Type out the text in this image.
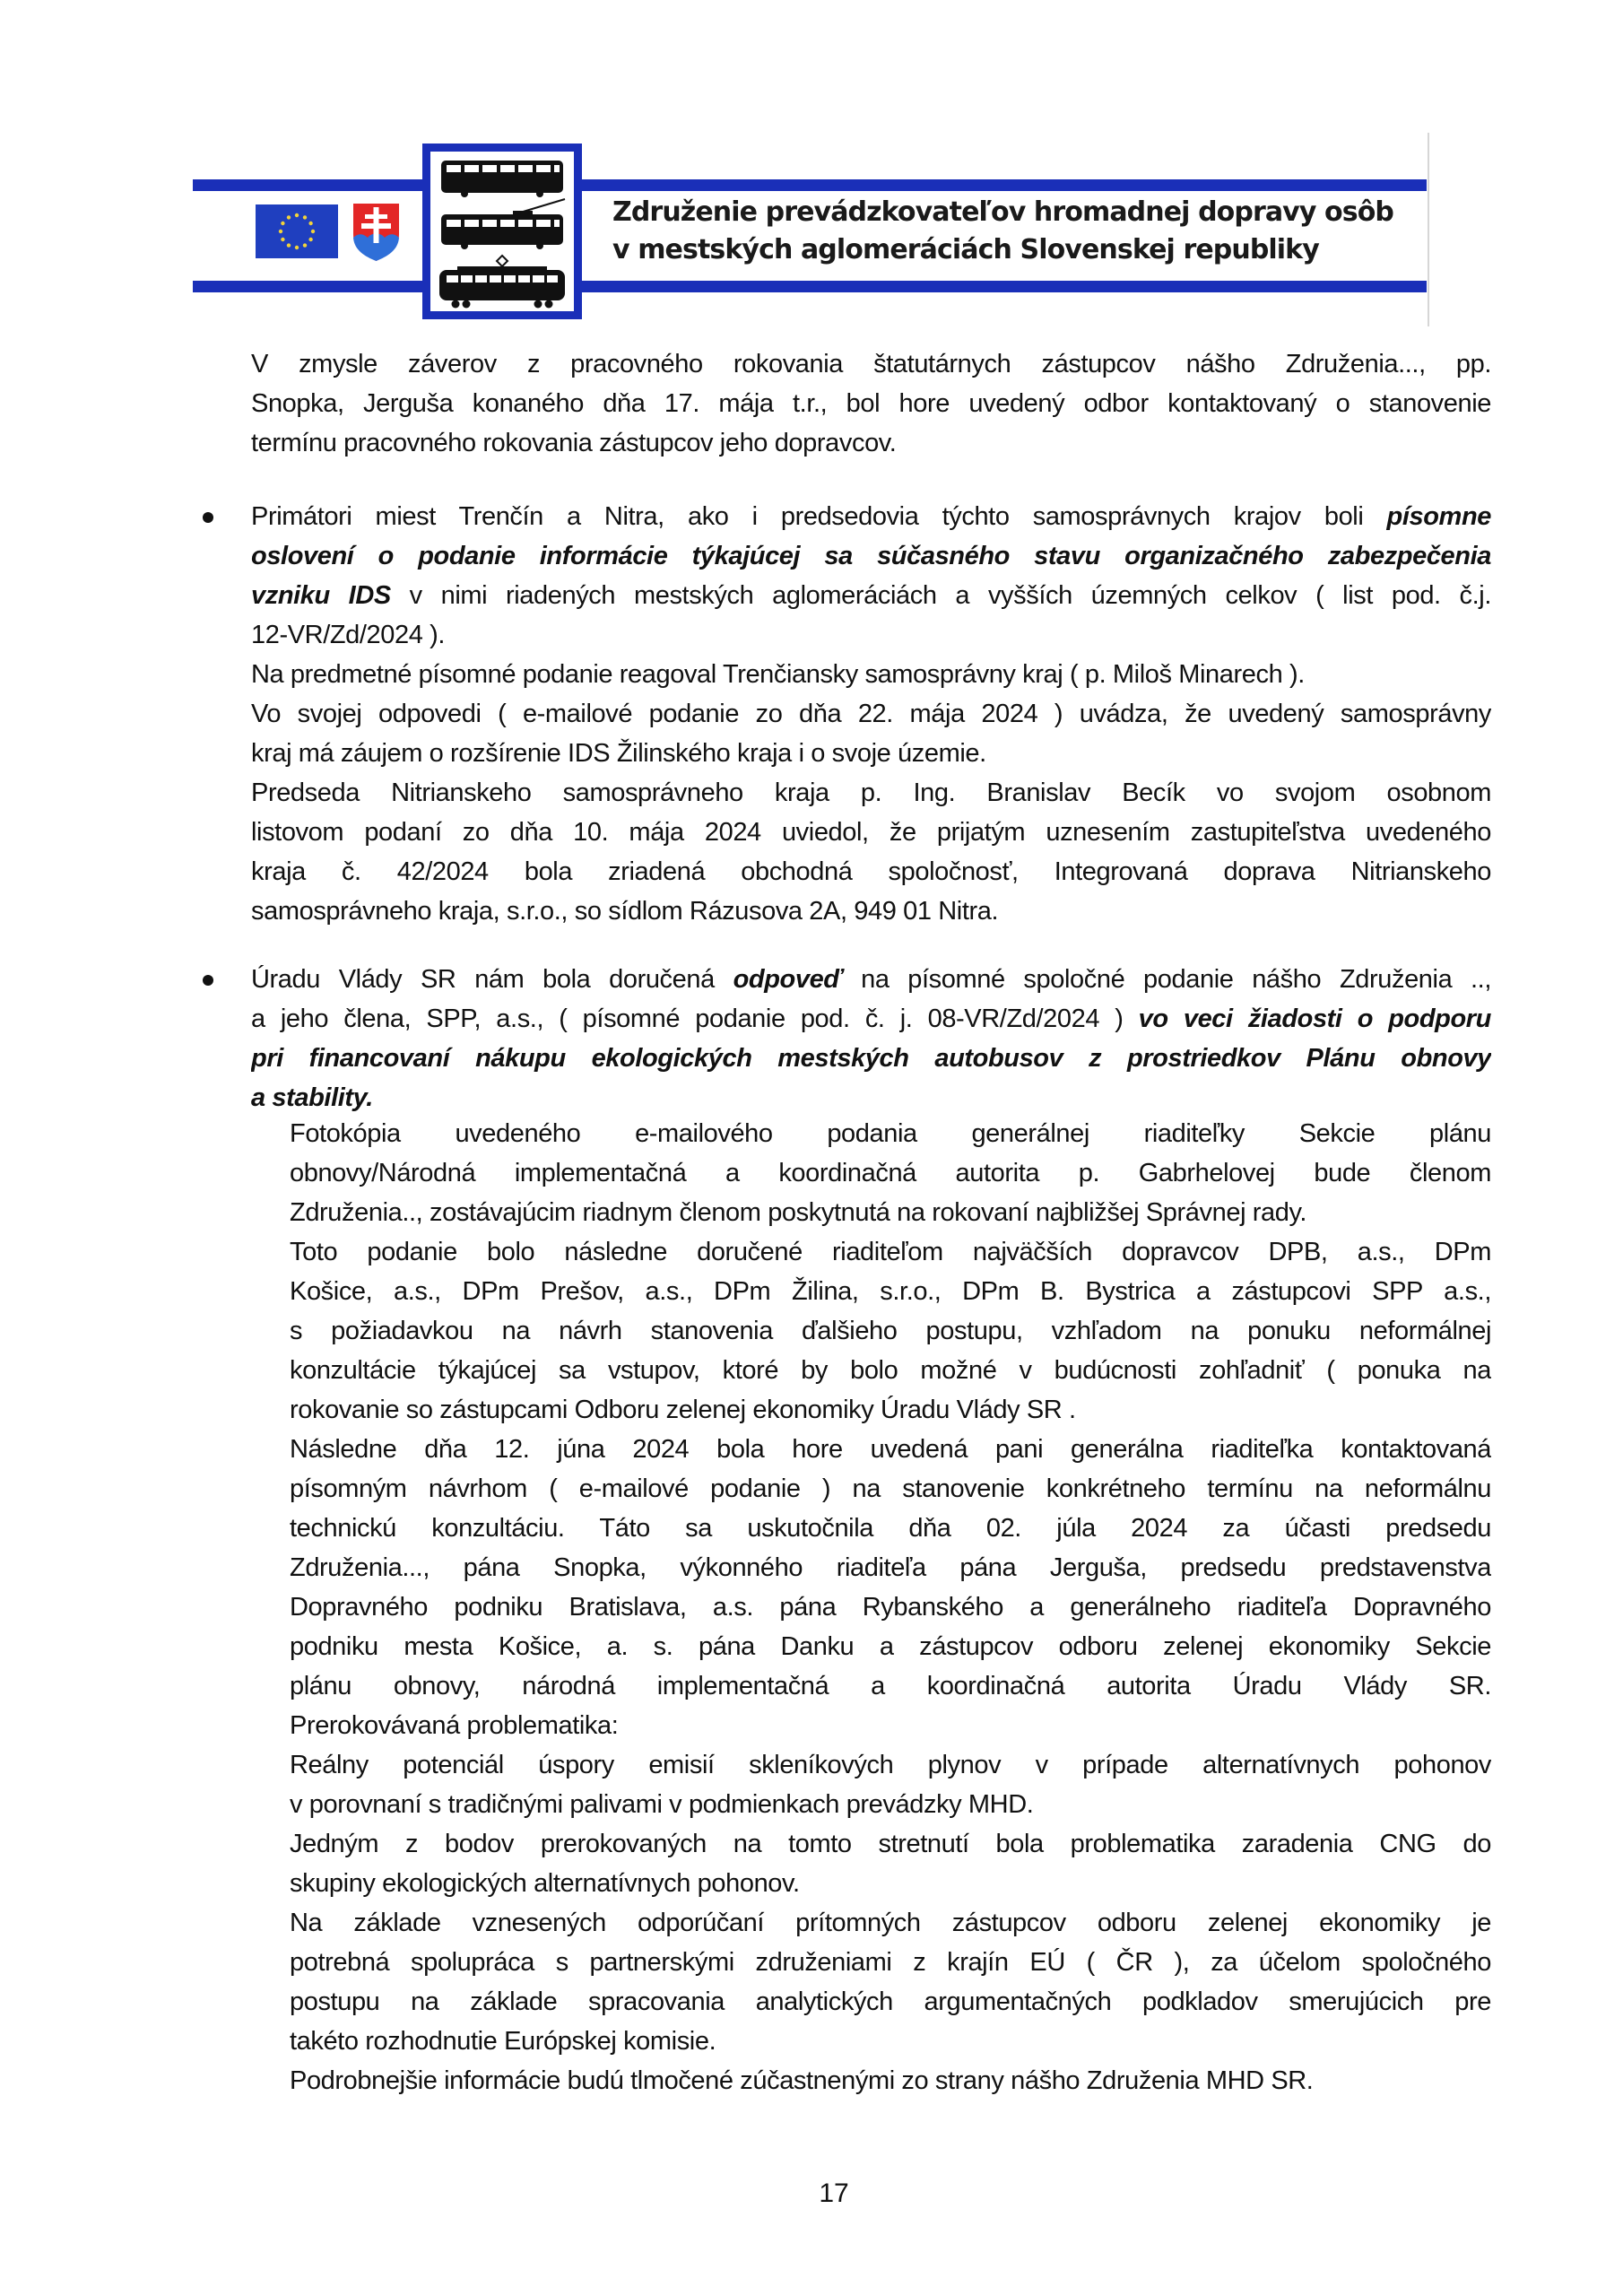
Združenie prevádzkovateľov hromadnej dopravy osôb
v mestských aglomeráciách Slovenskej republiky
V zmysle záverov z pracovného rokovania štatutárnych zástupcov nášho Združenia..., pp.
Snopka, Jerguša konaného dňa 17. mája t.r., bol hore uvedený odbor kontaktovaný o stanovenie
termínu pracovného rokovania zástupcov jeho dopravcov.
Primátori miest Trenčín a Nitra, ako i predsedovia týchto samosprávnych krajov boli písomne
oslovení o podanie informácie týkajúcej sa súčasného stavu organizačného zabezpečenia
vzniku IDS v nimi riadených mestských aglomeráciách a vyšších územných celkov ( list pod. č.j.
12-VR/Zd/2024 ).
Na predmetné písomné podanie reagoval Trenčiansky samosprávny kraj ( p. Miloš Minarech ).
Vo svojej odpovedi ( e-mailové podanie zo dňa 22. mája 2024 ) uvádza, že uvedený samosprávny
kraj má záujem o rozšírenie IDS Žilinského kraja i o svoje územie.
Predseda Nitrianskeho samosprávneho kraja p. Ing. Branislav Becík vo svojom osobnom
listovom podaní zo dňa 10. mája 2024 uviedol, že prijatým uznesením zastupiteľstva uvedeného
kraja č. 42/2024 bola zriadená obchodná spoločnosť, Integrovaná doprava Nitrianskeho
samosprávneho kraja, s.r.o., so sídlom Rázusova 2A, 949 01 Nitra.
Úradu Vlády SR nám bola doručená odpoveď na písomné spoločné podanie nášho Združenia ..,
a jeho člena, SPP, a.s., ( písomné podanie pod. č. j. 08-VR/Zd/2024 ) vo veci žiadosti o podporu
pri financovaní nákupu ekologických mestských autobusov z prostriedkov Plánu obnovy
a stability.
Fotokópia uvedeného e-mailového podania generálnej riaditeľky Sekcie plánu
obnovy/Národná implementačná a koordinačná autorita p. Gabrhelovej bude členom
Združenia.., zostávajúcim riadnym členom poskytnutá na rokovaní najbližšej Správnej rady.
Toto podanie bolo následne doručené riaditeľom najväčších dopravcov DPB, a.s., DPm
Košice, a.s., DPm Prešov, a.s., DPm Žilina, s.r.o., DPm B. Bystrica a zástupcovi SPP a.s.,
s požiadavkou na návrh stanovenia ďalšieho postupu, vzhľadom na ponuku neformálnej
konzultácie týkajúcej sa vstupov, ktoré by bolo možné v budúcnosti zohľadniť ( ponuka na
rokovanie so zástupcami Odboru zelenej ekonomiky Úradu Vlády SR .
Následne dňa 12. júna 2024 bola hore uvedená pani generálna riaditeľka kontaktovaná
písomným návrhom ( e-mailové podanie ) na stanovenie konkrétneho termínu na neformálnu
technickú konzultáciu. Táto sa uskutočnila dňa 02. júla 2024 za účasti predsedu
Združenia..., pána Snopka, výkonného riaditeľa pána Jerguša, predsedu predstavenstva
Dopravného podniku Bratislava, a.s. pána Rybanského a generálneho riaditeľa Dopravného
podniku mesta Košice, a. s. pána Danku a zástupcov odboru zelenej ekonomiky Sekcie
plánu obnovy, národná implementačná a koordinačná autorita Úradu Vlády SR.
Prerokovávaná problematika:
Reálny potenciál úspory emisií skleníkových plynov v prípade alternatívnych pohonov
v porovnaní s tradičnými palivami v podmienkach prevádzky MHD.
Jedným z bodov prerokovaných na tomto stretnutí bola problematika zaradenia CNG do
skupiny ekologických alternatívnych pohonov.
Na základe vznesených odporúčaní prítomných zástupcov odboru zelenej ekonomiky je
potrebná spolupráca s partnerskými združeniami z krajín EÚ ( ČR ), za účelom spoločného
postupu na základe spracovania analytických argumentačných podkladov smerujúcich pre
takéto rozhodnutie Európskej komisie.
Podrobnejšie informácie budú tlmočené zúčastnenými zo strany nášho Združenia MHD SR.
17
